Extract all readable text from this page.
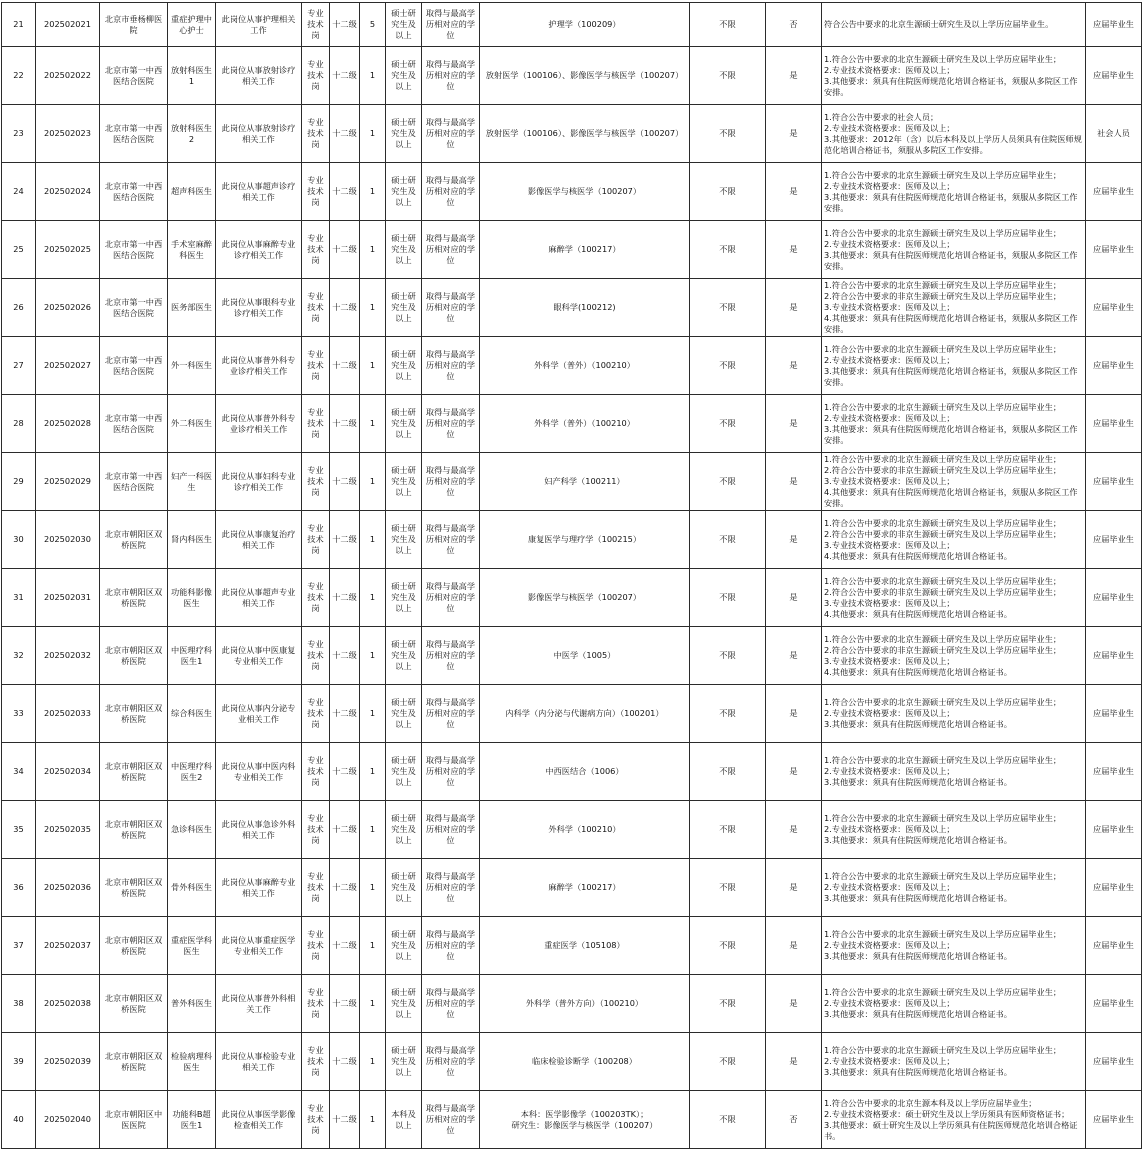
21	202502021	北京市垂杨柳医院	重症护理中心护士	此岗位从事护理相关工作	专业技术岗	十二级	5	硕士研究生及以上	取得与最高学历相对应的学位	护理学（100209）	不限	否	符合公告中要求的北京生源硕士研究生及以上学历应届毕业生。	应届毕业生
22	202502022	北京市第一中西医结合医院	放射科医生1	此岗位从事放射诊疗相关工作	专业技术岗	十二级	1	硕士研究生及以上	取得与最高学历相对应的学位	放射医学（100106）、影像医学与核医学（100207）	不限	是	1.符合公告中要求的北京生源硕士研究生及以上学历应届毕业生；
2.专业技术资格要求：医师及以上；
3.其他要求：须具有住院医师规范化培训合格证书，须服从多院区工作安排。	应届毕业生
23	202502023	北京市第一中西医结合医院	放射科医生2	此岗位从事放射诊疗相关工作	专业技术岗	十二级	1	硕士研究生及以上	取得与最高学历相对应的学位	放射医学（100106）、影像医学与核医学（100207）	不限	是	1.符合公告中要求的社会人员；
2.专业技术资格要求：医师及以上；
3.其他要求：2012年（含）以后本科及以上学历人员须具有住院医师规范化培训合格证书，须服从多院区工作安排。	社会人员
24	202502024	北京市第一中西医结合医院	超声科医生	此岗位从事超声诊疗相关工作	专业技术岗	十二级	1	硕士研究生及以上	取得与最高学历相对应的学位	影像医学与核医学（100207）	不限	是	1.符合公告中要求的北京生源硕士研究生及以上学历应届毕业生；
2.专业技术资格要求：医师及以上；
3.其他要求：须具有住院医师规范化培训合格证书，须服从多院区工作安排。	应届毕业生
25	202502025	北京市第一中西医结合医院	手术室麻醉科医生	此岗位从事麻醉专业诊疗相关工作	专业技术岗	十二级	1	硕士研究生及以上	取得与最高学历相对应的学位	麻醉学（100217）	不限	是	1.符合公告中要求的北京生源硕士研究生及以上学历应届毕业生；
2.专业技术资格要求：医师及以上；
3.其他要求：须具有住院医师规范化培训合格证书，须服从多院区工作安排。	应届毕业生
26	202502026	北京市第一中西医结合医院	医务部医生	此岗位从事眼科专业诊疗相关工作	专业技术岗	十二级	1	硕士研究生及以上	取得与最高学历相对应的学位	眼科学(100212)	不限	是	1.符合公告中要求的北京生源硕士研究生及以上学历应届毕业生；
2.符合公告中要求的非京生源硕士研究生及以上学历应届毕业生；
3.专业技术资格要求：医师及以上；
4.其他要求：须具有住院医师规范化培训合格证书，须服从多院区工作安排。	应届毕业生
27	202502027	北京市第一中西医结合医院	外一科医生	此岗位从事普外科专业诊疗相关工作	专业技术岗	十二级	1	硕士研究生及以上	取得与最高学历相对应的学位	外科学（普外）（100210）	不限	是	1.符合公告中要求的北京生源硕士研究生及以上学历应届毕业生；
2.专业技术资格要求：医师及以上；
3.其他要求：须具有住院医师规范化培训合格证书，须服从多院区工作安排。	应届毕业生
28	202502028	北京市第一中西医结合医院	外二科医生	此岗位从事普外科专业诊疗相关工作	专业技术岗	十二级	1	硕士研究生及以上	取得与最高学历相对应的学位	外科学（普外）（100210）	不限	是	1.符合公告中要求的北京生源硕士研究生及以上学历应届毕业生；
2.专业技术资格要求：医师及以上；
3.其他要求：须具有住院医师规范化培训合格证书，须服从多院区工作安排。	应届毕业生
29	202502029	北京市第一中西医结合医院	妇产一科医生	此岗位从事妇科专业诊疗相关工作	专业技术岗	十二级	1	硕士研究生及以上	取得与最高学历相对应的学位	妇产科学（100211）	不限	是	1.符合公告中要求的北京生源硕士研究生及以上学历应届毕业生；
2.符合公告中要求的非京生源硕士研究生及以上学历应届毕业生；
3.专业技术资格要求：医师及以上；
4.其他要求：须具有住院医师规范化培训合格证书，须服从多院区工作安排。	应届毕业生
30	202502030	北京市朝阳区双桥医院	肾内科医生	此岗位从事康复治疗相关工作	专业技术岗	十二级	1	硕士研究生及以上	取得与最高学历相对应的学位	康复医学与理疗学（100215）	不限	是	1.符合公告中要求的北京生源硕士研究生及以上学历应届毕业生；
2.符合公告中要求的非京生源硕士研究生及以上学历应届毕业生；
3.专业技术资格要求：医师及以上；
4.其他要求：须具有住院医师规范化培训合格证书。	应届毕业生
31	202502031	北京市朝阳区双桥医院	功能科影像医生	此岗位从事超声专业相关工作	专业技术岗	十二级	1	硕士研究生及以上	取得与最高学历相对应的学位	影像医学与核医学（100207）	不限	是	1.符合公告中要求的北京生源硕士研究生及以上学历应届毕业生；
2.符合公告中要求的非京生源硕士研究生及以上学历应届毕业生；
3.专业技术资格要求：医师及以上；
4.其他要求：须具有住院医师规范化培训合格证书。	应届毕业生
32	202502032	北京市朝阳区双桥医院	中医理疗科医生1	此岗位从事中医康复专业相关工作	专业技术岗	十二级	1	硕士研究生及以上	取得与最高学历相对应的学位	中医学（1005）	不限	是	1.符合公告中要求的北京生源硕士研究生及以上学历应届毕业生；
2.符合公告中要求的非京生源硕士研究生及以上学历应届毕业生；
3.专业技术资格要求：医师及以上；
4.其他要求：须具有住院医师规范化培训合格证书。	应届毕业生
33	202502033	北京市朝阳区双桥医院	综合科医生	此岗位从事内分泌专业相关工作	专业技术岗	十二级	1	硕士研究生及以上	取得与最高学历相对应的学位	内科学（内分泌与代谢病方向）（100201）	不限	是	1.符合公告中要求的北京生源硕士研究生及以上学历应届毕业生；
2.专业技术资格要求：医师及以上；
3.其他要求：须具有住院医师规范化培训合格证书。	应届毕业生
34	202502034	北京市朝阳区双桥医院	中医理疗科医生2	此岗位从事中医内科专业相关工作	专业技术岗	十二级	1	硕士研究生及以上	取得与最高学历相对应的学位	中西医结合（1006）	不限	是	1.符合公告中要求的北京生源硕士研究生及以上学历应届毕业生；
2.专业技术资格要求：医师及以上；
3.其他要求：须具有住院医师规范化培训合格证书。	应届毕业生
35	202502035	北京市朝阳区双桥医院	急诊科医生	此岗位从事急诊外科相关工作	专业技术岗	十二级	1	硕士研究生及以上	取得与最高学历相对应的学位	外科学（100210）	不限	是	1.符合公告中要求的北京生源硕士研究生及以上学历应届毕业生；
2.专业技术资格要求：医师及以上；
3.其他要求：须具有住院医师规范化培训合格证书。	应届毕业生
36	202502036	北京市朝阳区双桥医院	骨外科医生	此岗位从事麻醉专业相关工作	专业技术岗	十二级	1	硕士研究生及以上	取得与最高学历相对应的学位	麻醉学（100217）	不限	是	1.符合公告中要求的北京生源硕士研究生及以上学历应届毕业生；
2.专业技术资格要求：医师及以上；
3.其他要求：须具有住院医师规范化培训合格证书。	应届毕业生
37	202502037	北京市朝阳区双桥医院	重症医学科医生	此岗位从事重症医学专业相关工作	专业技术岗	十二级	1	硕士研究生及以上	取得与最高学历相对应的学位	重症医学（105108）	不限	是	1.符合公告中要求的北京生源硕士研究生及以上学历应届毕业生；
2.专业技术资格要求：医师及以上；
3.其他要求：须具有住院医师规范化培训合格证书。	应届毕业生
38	202502038	北京市朝阳区双桥医院	普外科医生	此岗位从事普外科相关工作	专业技术岗	十二级	1	硕士研究生及以上	取得与最高学历相对应的学位	外科学（普外方向）（100210）	不限	是	1.符合公告中要求的北京生源硕士研究生及以上学历应届毕业生；
2.专业技术资格要求：医师及以上；
3.其他要求：须具有住院医师规范化培训合格证书。	应届毕业生
39	202502039	北京市朝阳区双桥医院	检验病理科医生	此岗位从事检验专业相关工作	专业技术岗	十二级	1	硕士研究生及以上	取得与最高学历相对应的学位	临床检验诊断学（100208）	不限	是	1.符合公告中要求的北京生源硕士研究生及以上学历应届毕业生；
2.专业技术资格要求：医师及以上；
3.其他要求：须具有住院医师规范化培训合格证书。	应届毕业生
40	202502040	北京市朝阳区中医医院	功能科B超医生1	此岗位从事医学影像检查相关工作	专业技术岗	十二级	1	本科及以上	取得与最高学历相对应的学位	本科：医学影像学（100203TK）；
研究生：影像医学与核医学（100207）	不限	否	1.符合公告中要求的北京生源本科及以上学历应届毕业生；
2.专业技术资格要求：硕士研究生及以上学历须具有医师资格证书；
3.其他要求：硕士研究生及以上学历须具有住院医师规范化培训合格证书。	应届毕业生
